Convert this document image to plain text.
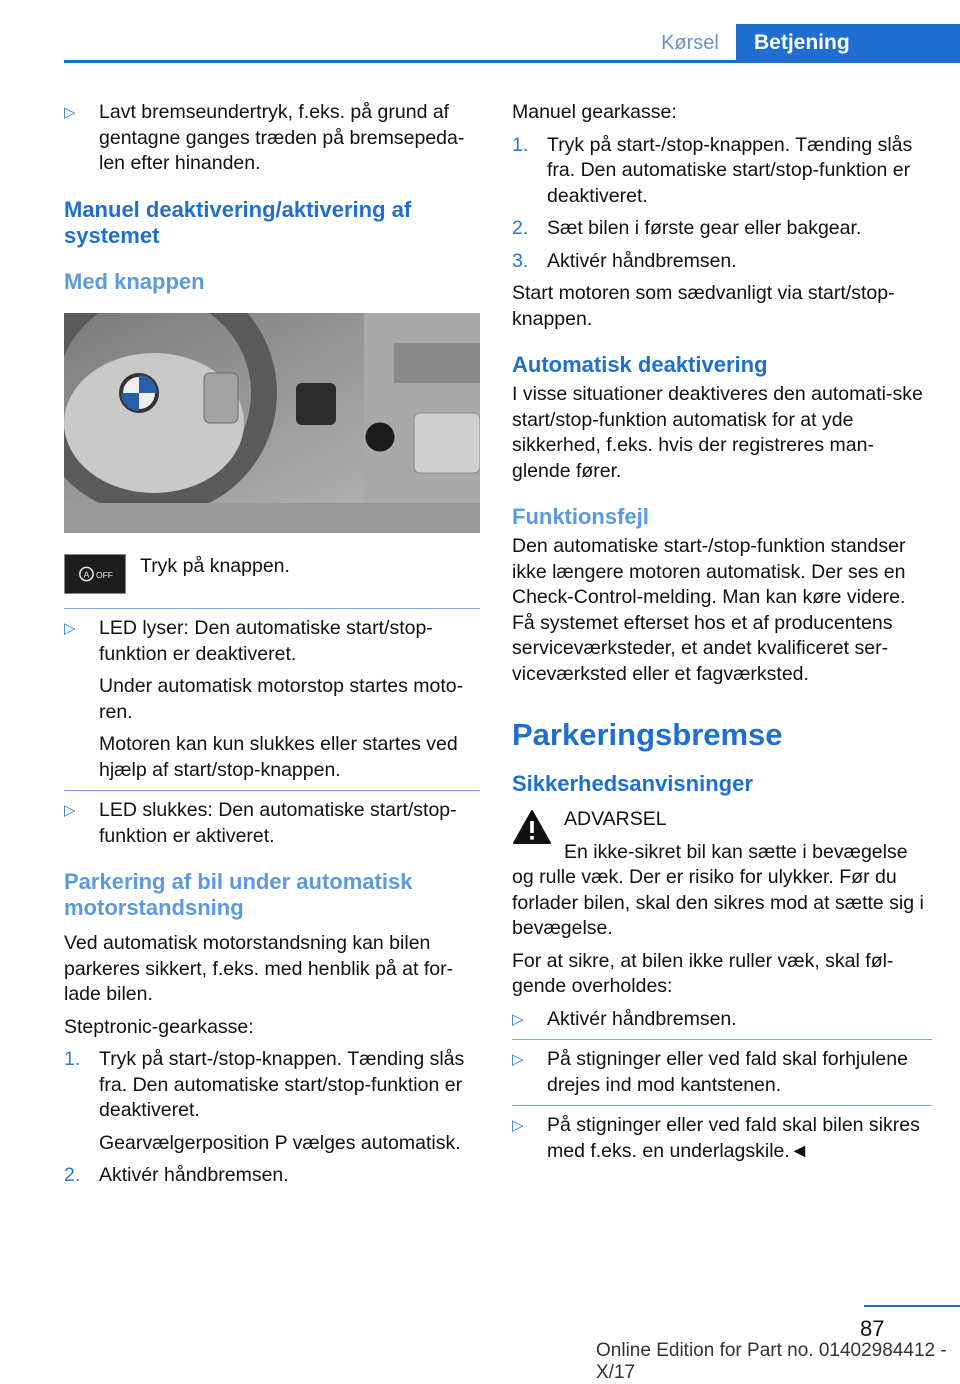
Kørsel	Betjening
▷ Lavt bremseundertryk, f.eks. på grund af gentagne ganges træden på bremsepeda-len efter hinanden.
Manuel deaktivering/aktivering af systemet
Med knappen
A OFF Tryk på knappen.
▷ LED lyser: Den automatiske start/stop-funktion er deaktiveret.
Under automatisk motorstop startes moto-ren.
Motoren kan kun slukkes eller startes ved hjælp af start/stop-knappen.
▷ LED slukkes: Den automatiske start/stop-funktion er aktiveret.
Parkering af bil under automatisk motorstandsning

Ved automatisk motorstandsning kan bilen parkeres sikkert, f.eks. med henblik på at for-lade bilen.

Steptronic-gearkasse:

1. Tryk på start-/stop-knappen. Tænding slås fra. Den automatiske start/stop-funktion er deaktiveret.
Gearvælgerposition P vælges automatisk.
2. Aktivér håndbremsen.

Manuel gearkasse:

1. Tryk på start-/stop-knappen. Tænding slås fra. Den automatiske start/stop-funktion er deaktiveret.
2. Sæt bilen i første gear eller bakgear.
3. Aktivér håndbremsen.

Start motoren som sædvanligt via start/stop-knappen.

Automatisk deaktivering

I visse situationer deaktiveres den automati-ske start/stop-funktion automatisk for at yde sikkerhed, f.eks. hvis der registreres man-glende fører.

Funktionsfejl

Den automatiske start-/stop-funktion standser ikke længere motoren automatisk. Der ses en Check-Control-melding. Man kan køre videre. Få systemet efterset hos et af producentens serviceværksteder, et andet kvalificeret ser-viceværksted eller et fagværksted.

Parkeringsbremse
Sikkerhedsanvisninger
ADVARSEL

En ikke-sikret bil kan sætte i bevægelse og rulle væk. Der er risiko for ulykker. Før du forlader bilen, skal den sikres mod at sætte sig i bevægelse.

For at sikre, at bilen ikke ruller væk, skal føl-gende overholdes:

▷ Aktivér håndbremsen.
▷ På stigninger eller ved fald skal forhjulene drejes ind mod kantstenen.
▷ På stigninger eller ved fald skal bilen sikres med f.eks. en underlagskile.◄
87
Online Edition for Part no. 01402984412 - X/17
